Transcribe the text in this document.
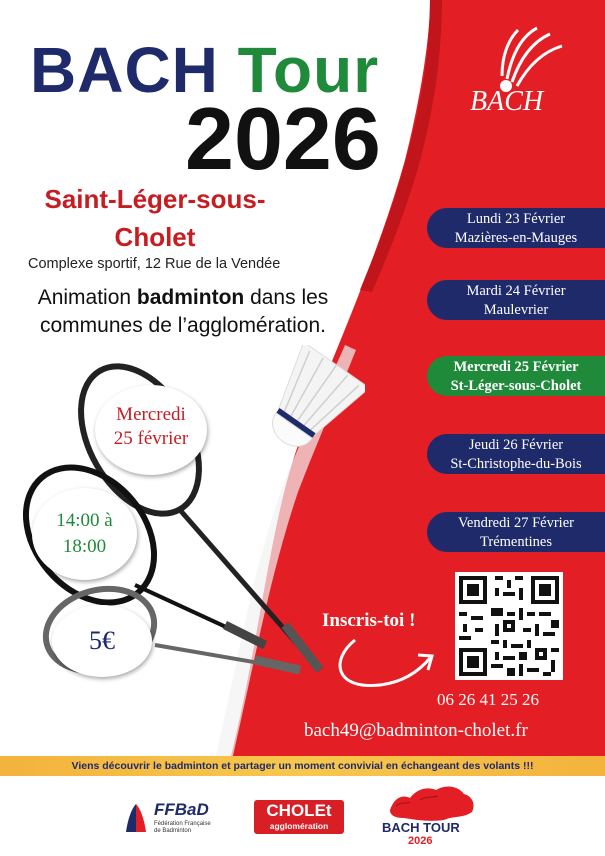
BACH Tour
2026	BACH
Saint-Léger-sous-
Cholet
Complexe sportif, 12 Rue de la Vendée
Animation badminton dans les
communes de l’agglomération.
Lundi 23 Février
Mazières-en-Mauges
Mardi 24 Février
Maulevrier
Mercredi 25 Février
St-Léger-sous-Cholet
Jeudi 26 Février
St-Christophe-du-Bois
Vendredi 27 Février
Trémentines
Mercredi
25 février
14:00 à
18:00
5€
Inscris-toi !
06 26 41 25 26
bach49@badminton-cholet.fr
Viens découvrir le badminton et partager un moment convivial en échangeant des volants !!!
FFBaD
Fédération Française
de Badminton
CHOLEt
agglomération	BACH TOUR
2026
